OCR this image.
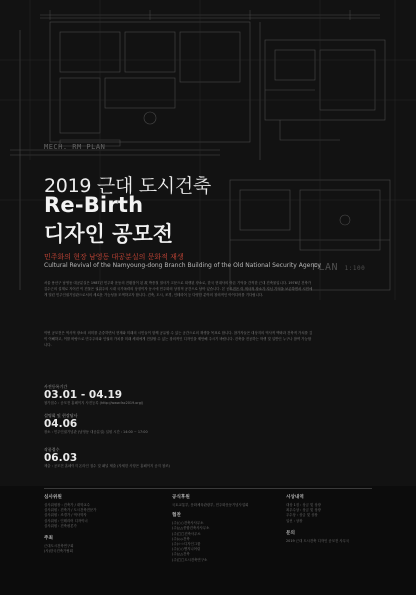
MECH. RM PLAN
PLAN 1:100
2019 근대 도시건축
Re-Birth
디자인 공모전
민주화의 현장 남영동 대공분실의 문화적 재생
Cultural Revival of the Namyoung-dong Branch Building of the Old National Security Agency
서울 용산구 남영동 대공분실은 1987년 민주화 운동의 전환점이 된 故 박종철 열사가 고문으로 희생된 장소로, 한국 현대사의 아픈 기억을 간직한 근대 건축물입니다. 1976년 건축가 김수근의 설계로 지어진 이 건물은 권위주의 시대 국가폭력의 상징이자 동시에 민주화의 상징적 공간으로 남아 있습니다. 본 공모전은 이 역사적 장소가 지닌 기억을 보존하면서 시민에게 열린 민주인권기념관으로서의 새로운 가능성을 모색하고자 합니다. 건축, 도시, 조경, 인테리어 등 다양한 분야의 창의적인 아이디어를 기다립니다.
이번 공모전은 역사적 장소의 의미를 존중하면서 현재와 미래의 시민들이 함께 공유할 수 있는 공간으로의 재생을 목표로 합니다. 참가자들은 대상지의 역사적 맥락과 건축적 가치를 깊이 이해하고, 이를 바탕으로 민주주의와 인권의 가치를 미래 세대에게 전달할 수 있는 창의적인 디자인을 제안해 주시기 바랍니다. 건축을 전공하는 학생 및 일반인 누구나 참여 가능합니다.
사전등록기간
03.01 - 04.19
참가접수 : 공모전 홈페이지 사전등록 (http://www.fac2019.org/)
설명회 및 현장답사
04.06
장소 : 민주인권기념관 (남영동 대공분실) 일원 시간 : 14:00 ~ 17:00
작품접수
06.03
제출 : 공모전 홈페이지 온라인 접수 및 패널 제출 (자세한 사항은 홈페이지 공지 참조)
심사위원
심사위원장 : 건축가 / 대학교수
심사위원 : 건축가 / 도시건축전문가
심사위원 : 조경가 / 역사학자
심사위원 : 인테리어 디자이너
심사위원 : 건축평론가
주최
근대도시건축연구회
(사)한국건축가협회
공식후원
국토교통부, 문화체육관광부, 민주화운동기념사업회
협찬
(주)○○건축사사무소
(주)△△종합건축사사무소
(주)□□건축사무소
(주)◇◇건축
(주)☆☆디자인그룹
(주)○○엔지니어링
(주)△△건축
(주)□□도시건축연구소
시상내역
대상 1점 : 상금 및 상장
최우수상 : 상금 및 상장
우수상 : 상금 및 상장
입선 : 상장
문의
2019 근대 도시건축 디자인 공모전 사무국
